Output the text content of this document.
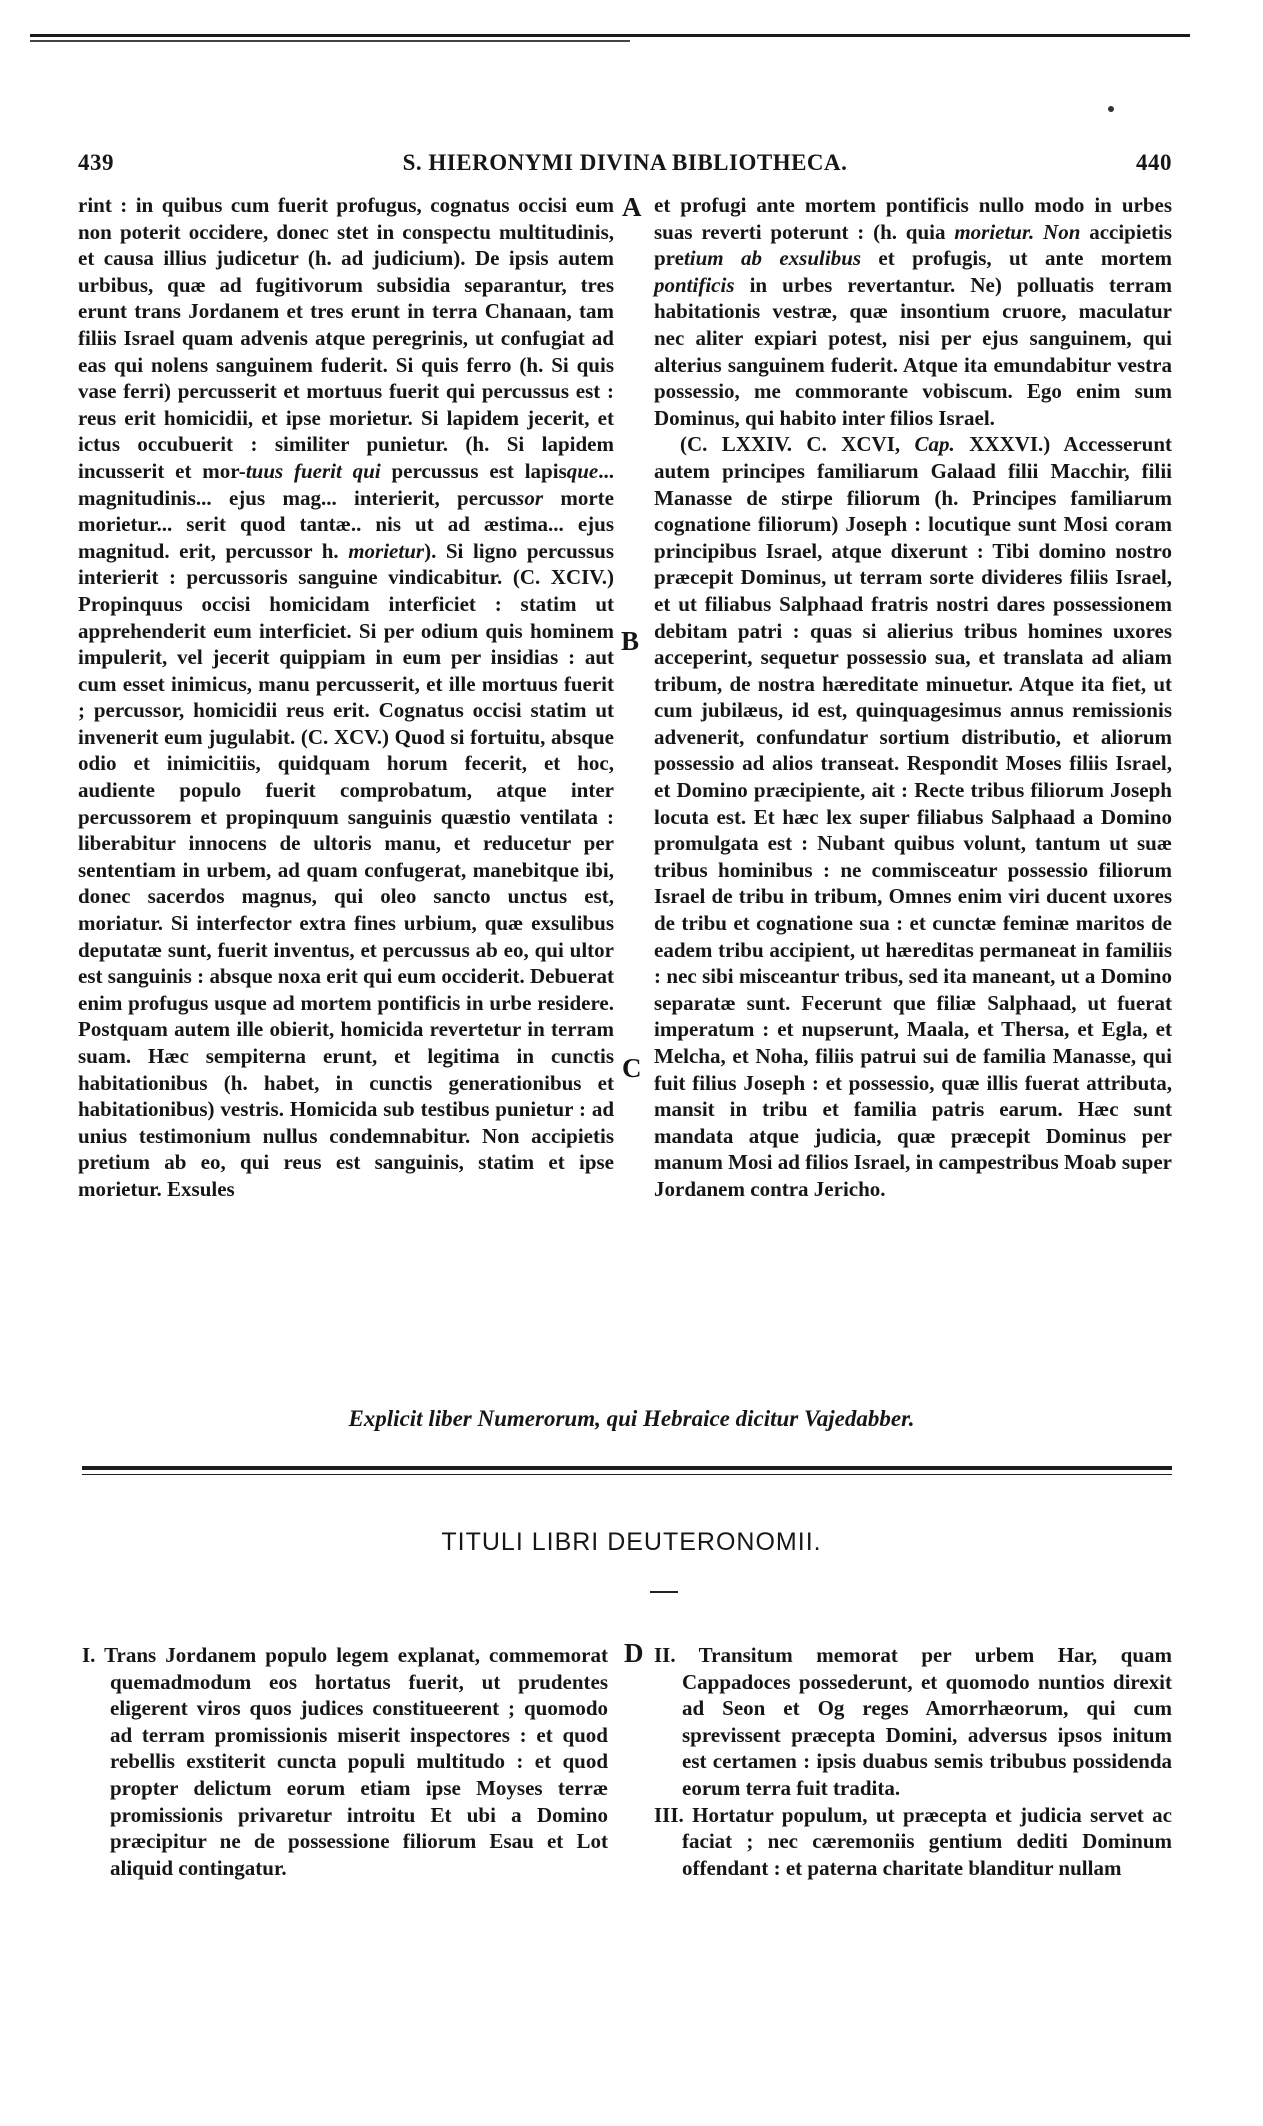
439	S. HIERONYMI DIVINA BIBLIOTHECA.	440
A
B
C
D

rint : in quibus cum fuerit profugus, cognatus occisi eum non poterit occidere, donec stet in conspectu multitudinis, et causa illius judicetur (h. ad judicium). De ipsis autem urbibus, quæ ad fugitivorum subsidia separantur, tres erunt trans Jordanem et tres erunt in terra Chanaan, tam filiis Israel quam advenis atque peregrinis, ut confugiat ad eas qui nolens sanguinem fuderit. Si quis ferro (h. Si quis vase ferri) percusserit et mortuus fuerit qui percussus est : reus erit homicidii, et ipse morietur. Si lapidem jecerit, et ictus occubuerit : similiter punietur. (h. Si lapidem incusserit et mor-tuus fuerit qui percussus est lapisque... magnitudinis... ejus mag... interierit, percussor morte morietur... serit quod tantæ.. nis ut ad æstima... ejus magnitud. erit, percussor h. morietur). Si ligno percussus interierit : percussoris sanguine vindicabitur. (C. XCIV.) Propinquus occisi homicidam interficiet : statim ut apprehenderit eum interficiet. Si per odium quis hominem impulerit, vel jecerit quippiam in eum per insidias : aut cum esset inimicus, manu percusserit, et ille mortuus fuerit ; percussor, homicidii reus erit. Cognatus occisi statim ut invenerit eum jugulabit. (C. XCV.) Quod si fortuitu, absque odio et inimicitiis, quidquam horum fecerit, et hoc, audiente populo fuerit comprobatum, atque inter percussorem et propinquum sanguinis quæstio ventilata : liberabitur innocens de ultoris manu, et reducetur per sententiam in urbem, ad quam confugerat, manebitque ibi, donec sacerdos magnus, qui oleo sancto unctus est, moriatur. Si interfector extra fines urbium, quæ exsulibus deputatæ sunt, fuerit inventus, et percussus ab eo, qui ultor est sanguinis : absque noxa erit qui eum occiderit. Debuerat enim profugus usque ad mortem pontificis in urbe residere. Postquam autem ille obierit, homicida revertetur in terram suam. Hæc sempiterna erunt, et legitima in cunctis habitationibus (h. habet, in cunctis generationibus et habitationibus) vestris. Homicida sub testibus punietur : ad unius testimonium nullus condemnabitur. Non accipietis pretium ab eo, qui reus est sanguinis, statim et ipse morietur. Exsules

et profugi ante mortem pontificis nullo modo in urbes suas reverti poterunt : (h. quia morietur. Non accipietis pretium ab exsulibus et profugis, ut ante mortem pontificis in urbes revertantur. Ne) polluatis terram habitationis vestræ, quæ insontium cruore, maculatur nec aliter expiari potest, nisi per ejus sanguinem, qui alterius sanguinem fuderit. Atque ita emundabitur vestra possessio, me commorante vobiscum. Ego enim sum Dominus, qui habito inter filios Israel.

(C. LXXIV. C. XCVI, Cap. XXXVI.) Accesserunt autem principes familiarum Galaad filii Macchir, filii Manasse de stirpe filiorum (h. Principes familiarum cognatione filiorum) Joseph : locutique sunt Mosi coram principibus Israel, atque dixerunt : Tibi domino nostro præcepit Dominus, ut terram sorte divideres filiis Israel, et ut filiabus Salphaad fratris nostri dares possessionem debitam patri : quas si alierius tribus homines uxores acceperint, sequetur possessio sua, et translata ad aliam tribum, de nostra hæreditate minuetur. Atque ita fiet, ut cum jubilæus, id est, quinquagesimus annus remissionis advenerit, confundatur sortium distributio, et aliorum possessio ad alios transeat. Respondit Moses filiis Israel, et Domino præcipiente, ait : Recte tribus filiorum Joseph locuta est. Et hæc lex super filiabus Salphaad a Domino promulgata est : Nubant quibus volunt, tantum ut suæ tribus hominibus : ne commisceatur possessio filiorum Israel de tribu in tribum, Omnes enim viri ducent uxores de tribu et cognatione sua : et cunctæ feminæ maritos de eadem tribu accipient, ut hæreditas permaneat in familiis : nec sibi misceantur tribus, sed ita maneant, ut a Domino separatæ sunt. Fecerunt que filiæ Salphaad, ut fuerat imperatum : et nupserunt, Maala, et Thersa, et Egla, et Melcha, et Noha, filiis patrui sui de familia Manasse, qui fuit filius Joseph : et possessio, quæ illis fuerat attributa, mansit in tribu et familia patris earum. Hæc sunt mandata atque judicia, quæ præcepit Dominus per manum Mosi ad filios Israel, in campestribus Moab super Jordanem contra Jericho.

Explicit liber Numerorum, qui Hebraice dicitur Vajedabber.
TITULI LIBRI DEUTERONOMII.

I. Trans Jordanem populo legem explanat, commemorat quemadmodum eos hortatus fuerit, ut prudentes eligerent viros quos judices constitueerent ; quomodo ad terram promissionis miserit inspectores : et quod rebellis exstiterit cuncta populi multitudo : et quod propter delictum eorum etiam ipse Moyses terræ promissionis privaretur introitu Et ubi a Domino præcipitur ne de possessione filiorum Esau et Lot aliquid contingatur.

II. Transitum memorat per urbem Har, quam Cappadoces possederunt, et quomodo nuntios direxit ad Seon et Og reges Amorrhæorum, qui cum sprevissent præcepta Domini, adversus ipsos initum est certamen : ipsis duabus semis tribubus possidenda eorum terra fuit tradita.

III. Hortatur populum, ut præcepta et judicia servet ac faciat ; nec cæremoniis gentium dediti Dominum offendant : et paterna charitate blanditur nullam
